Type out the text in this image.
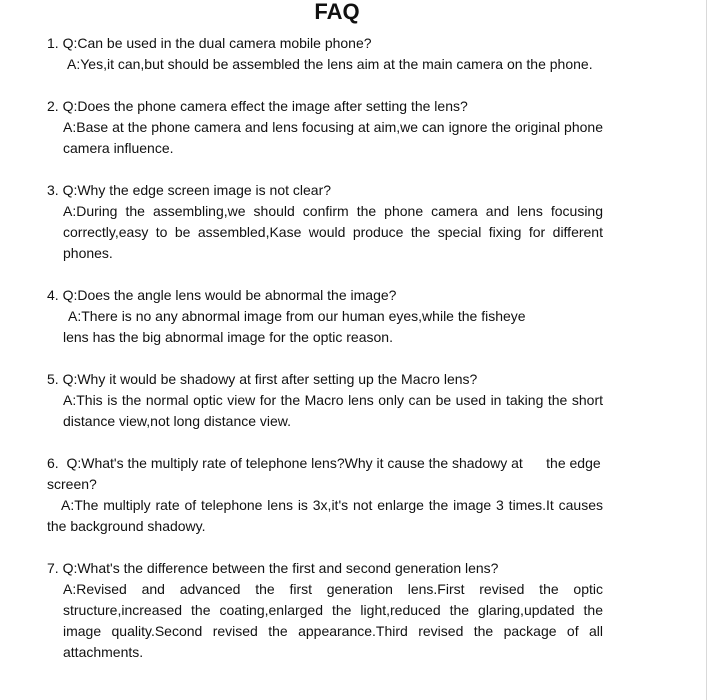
FAQ

1. Q:Can be used in the dual camera mobile phone?

A:Yes,it can,but should be assembled the lens aim at the main camera on the phone.

2. Q:Does the phone camera effect the image after setting the lens?

A:Base at the phone camera and lens focusing at aim,we can ignore the original phone camera influence.

3. Q:Why the edge screen image is not clear?

A:During the assembling,we should confirm the phone camera and lens focusing correctly,easy to be assembled,Kase would produce the special fixing for different phones.

4. Q:Does the angle lens would be abnormal the image?

A:There is no any abnormal image from our human eyes,while the fisheye

lens has the big abnormal image for the optic reason.

5. Q:Why it would be shadowy at first after setting up the Macro lens?

A:This is the normal optic view for the Macro lens only can be used in taking the short distance view,not long distance view.

6.  Q:What's the multiply rate of telephone lens?Why it cause the shadowy at      the edge screen?

A:The multiply rate of telephone lens is 3x,it's not enlarge the image 3 times.It causes the background shadowy.

7. Q:What's the difference between the first and second generation lens?

A:Revised and advanced the first generation lens.First revised the optic structure,increased the coating,enlarged the light,reduced the glaring,updated the image quality.Second revised the appearance.Third revised the package of all attachments.
